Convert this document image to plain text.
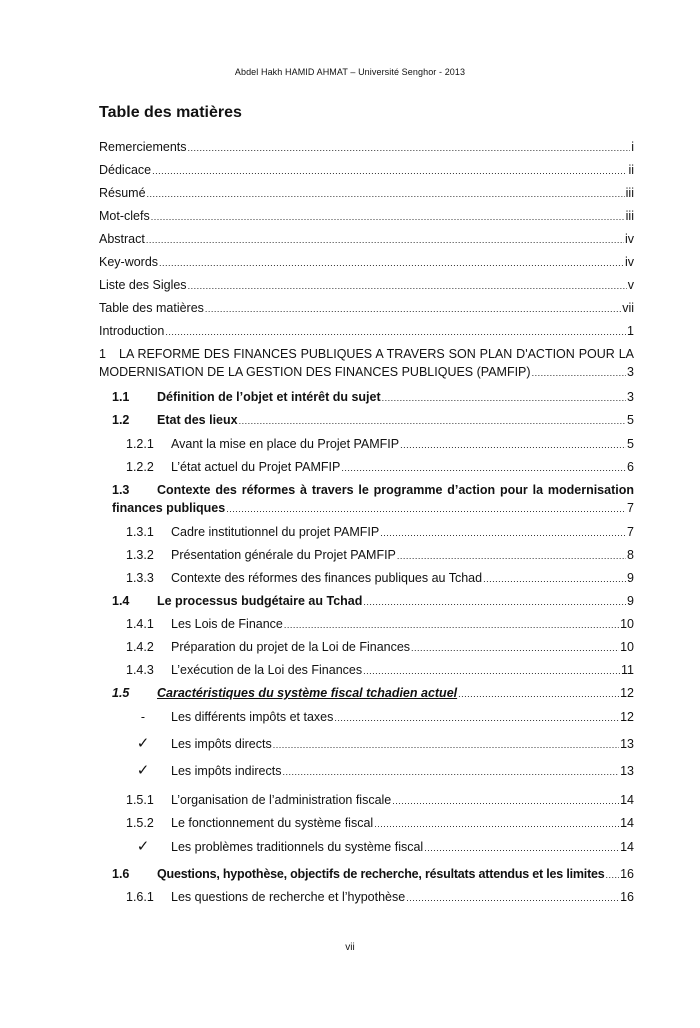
Abdel Hakh HAMID AHMAT – Université Senghor - 2013
Table des matières
Remerciements .....	i
Dédicace .....	ii
Résumé .....	iii
Mot-clefs .....	iii
Abstract .....	iv
Key-words .....	iv
Liste des Sigles .....	v
Table des matières .....	vii
Introduction .....	1
1 LA REFORME DES FINANCES PUBLIQUES A TRAVERS SON PLAN D'ACTION POUR LA
MODERNISATION DE LA GESTION DES FINANCES PUBLIQUES (PAMFIP) .....	3
1.1	Définition de l’objet et intérêt du sujet .....	3
1.2	Etat des lieux .....	5
1.2.1	Avant la mise en place du Projet PAMFIP .....	5
1.2.2	L’état actuel du Projet PAMFIP .....	6
1.3 Contexte des réformes à travers le programme d’action pour la modernisation
finances publiques .....	7
1.3.1	Cadre institutionnel du projet PAMFIP .....	7
1.3.2	Présentation générale du Projet PAMFIP .....	8
1.3.3	Contexte des réformes des finances publiques au Tchad .....	9
1.4	Le processus budgétaire au Tchad .....	9
1.4.1	Les Lois de Finance .....	10
1.4.2	Préparation du projet de la Loi de Finances .....	10
1.4.3	L’exécution de la Loi des Finances .....	11
1.5	Caractéristiques du système fiscal tchadien actuel .....	12
-	Les différents impôts et taxes .....	12
✓	Les impôts directs .....	13
✓	Les impôts indirects .....	13
1.5.1	L’organisation de l’administration fiscale .....	14
1.5.2	Le fonctionnement du système fiscal .....	14
✓	Les problèmes traditionnels du système fiscal .....	14
1.6	Questions, hypothèse, objectifs de recherche, résultats attendus et les limites ..... 16
1.6.1	Les questions de recherche et l’hypothèse .....	16
vii
